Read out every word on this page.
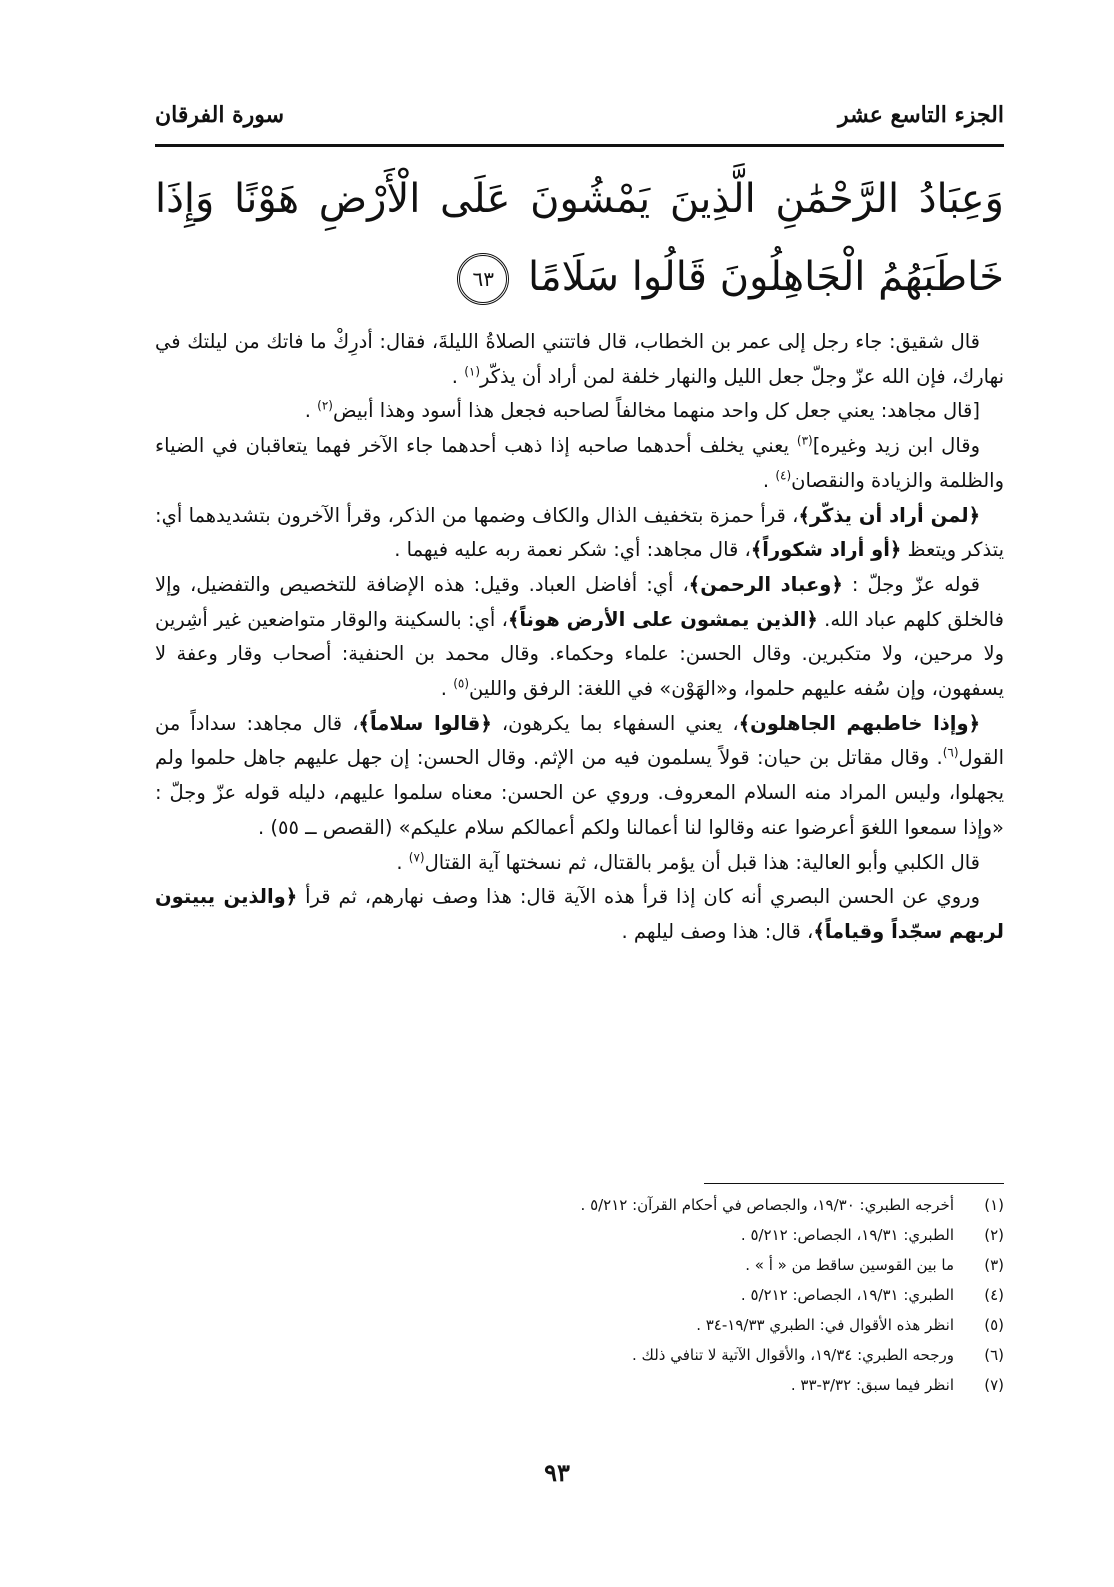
الجزء التاسع عشر
سورة الفرقان
وَعِبَادُ الرَّحْمَٰنِ الَّذِينَ يَمْشُونَ عَلَى الْأَرْضِ هَوْنًا وَإِذَا خَاطَبَهُمُ الْجَاهِلُونَ قَالُوا سَلَامًا ٦٣

قال شقيق: جاء رجل إلى عمر بن الخطاب، قال فاتتني الصلاةُ الليلةَ، فقال: أدرِكْ ما فاتك من ليلتك في نهارك، فإن الله عزّ وجلّ جعل الليل والنهار خلفة لمن أراد أن يذكّر$^{(١)}$ .

[قال مجاهد: يعني جعل كل واحد منهما مخالفاً لصاحبه فجعل هذا أسود وهذا أبيض$^{(٢)}$ .

وقال ابن زيد وغيره]$^{(٣)}$ يعني يخلف أحدهما صاحبه إذا ذهب أحدهما جاء الآخر فهما يتعاقبان في الضياء والظلمة والزيادة والنقصان$^{(٤)}$ .

﴿لمن أراد أن يذكّر﴾، قرأ حمزة بتخفيف الذال والكاف وضمها من الذكر، وقرأ الآخرون بتشديدهما أي: يتذكر ويتعظ ﴿أو أراد شكوراً﴾، قال مجاهد: أي: شكر نعمة ربه عليه فيهما .

قوله عزّ وجلّ : ﴿وعباد الرحمن﴾، أي: أفاضل العباد. وقيل: هذه الإضافة للتخصيص والتفضيل، وإلا فالخلق كلهم عباد الله. ﴿الذين يمشون على الأرض هوناً﴾، أي: بالسكينة والوقار متواضعين غير أشِرين ولا مرحين، ولا متكبرين. وقال الحسن: علماء وحكماء. وقال محمد بن الحنفية: أصحاب وقار وعفة لا يسفهون، وإن سُفه عليهم حلموا، و«الهَوْن» في اللغة: الرفق واللين$^{(٥)}$ .

﴿وإذا خاطبهم الجاهلون﴾، يعني السفهاء بما يكرهون، ﴿قالوا سلاماً﴾، قال مجاهد: سداداً من القول$^{(٦)}$. وقال مقاتل بن حيان: قولاً يسلمون فيه من الإثم. وقال الحسن: إن جهل عليهم جاهل حلموا ولم يجهلوا، وليس المراد منه السلام المعروف. وروي عن الحسن: معناه سلموا عليهم، دليله قوله عزّ وجلّ : «وإذا سمعوا اللغوَ أعرضوا عنه وقالوا لنا أعمالنا ولكم أعمالكم سلام عليكم» (القصص ــ ٥٥) .

قال الكلبي وأبو العالية: هذا قبل أن يؤمر بالقتال، ثم نسختها آية القتال$^{(٧)}$ .

وروي عن الحسن البصري أنه كان إذا قرأ هذه الآية قال: هذا وصف نهارهم، ثم قرأ ﴿والذين يبيتون لربهم سجّداً وقياماً﴾، قال: هذا وصف ليلهم .

(١)
أخرجه الطبري: ١٩/٣٠، والجصاص في أحكام القرآن: ٥/٢١٢ .
(٢)
الطبري: ١٩/٣١، الجصاص: ٥/٢١٢ .
(٣)
ما بين القوسين ساقط من « أ » .
(٤)
الطبري: ١٩/٣١، الجصاص: ٥/٢١٢ .
(٥)
انظر هذه الأقوال في: الطبري ١٩/٣٣-٣٤ .
(٦)
ورجحه الطبري: ١٩/٣٤، والأقوال الآتية لا تنافي ذلك .
(٧)
انظر فيما سبق: ٣/٣٢-٣٣ .
٩٣
